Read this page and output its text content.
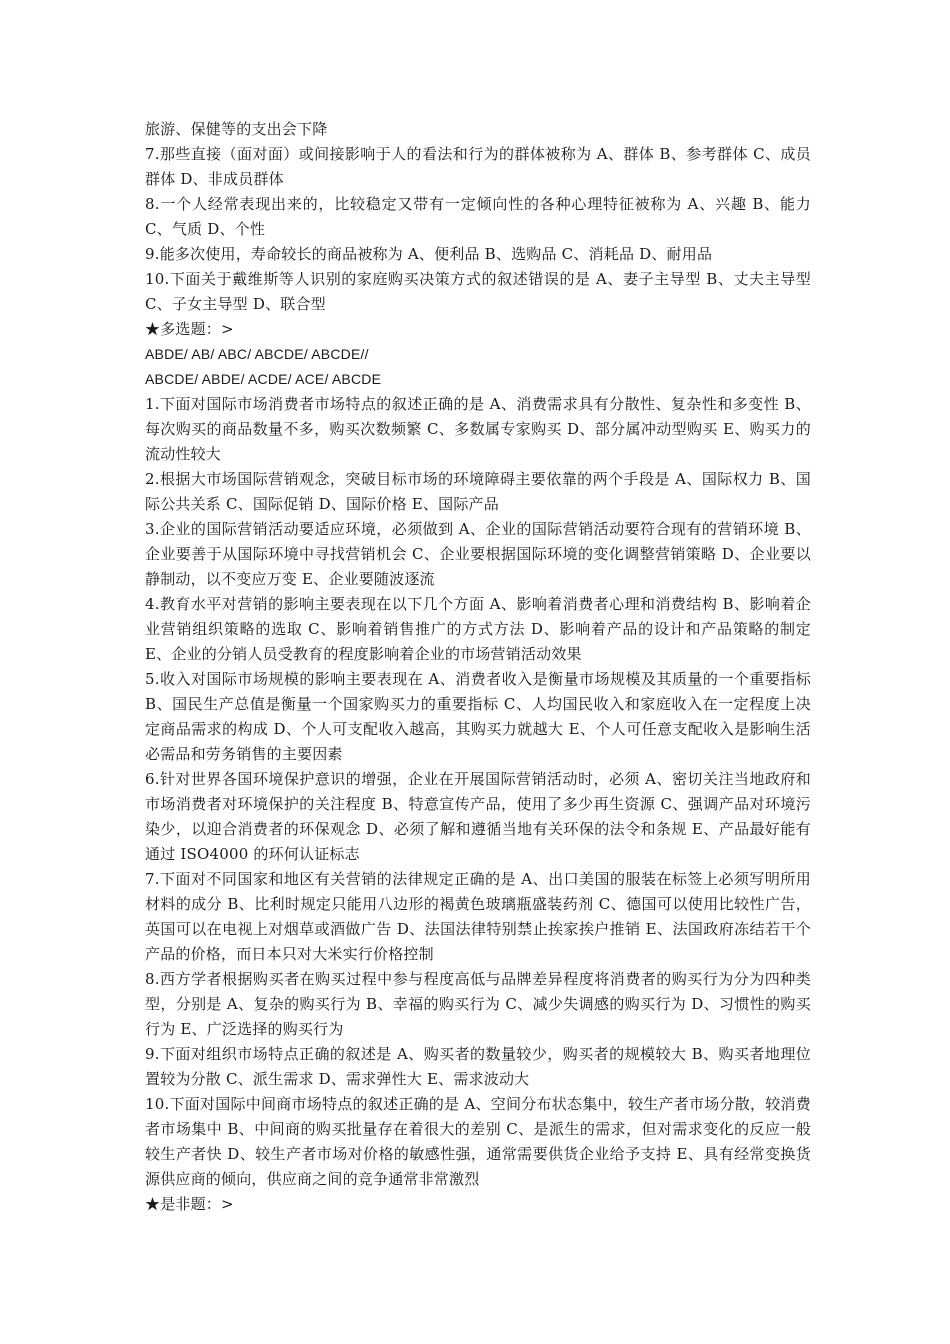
旅游、保健等的支出会下降

7.那些直接（面对面）或间接影响于人的看法和行为的群体被称为 A、群体 B、参考群体 C、成员群体 D、非成员群体

8.一个人经常表现出来的，比较稳定又带有一定倾向性的各种心理特征被称为 A、兴趣 B、能力 C、气质 D、个性

9.能多次使用，寿命较长的商品被称为 A、便利品 B、选购品 C、消耗品 D、耐用品

10.下面关于戴维斯等人识别的家庭购买决策方式的叙述错误的是 A、妻子主导型 B、丈夫主导型 C、子女主导型 D、联合型

★多选题：>

ABDE/ AB/ ABC/ ABCDE/ ABCDE//

ABCDE/ ABDE/ ACDE/ ACE/ ABCDE

1.下面对国际市场消费者市场特点的叙述正确的是 A、消费需求具有分散性、复杂性和多变性 B、每次购买的商品数量不多，购买次数频繁 C、多数属专家购买 D、部分属冲动型购买 E、购买力的流动性较大

2.根据大市场国际营销观念，突破目标市场的环境障碍主要依靠的两个手段是 A、国际权力 B、国际公共关系 C、国际促销 D、国际价格 E、国际产品

3.企业的国际营销活动要适应环境，必须做到 A、企业的国际营销活动要符合现有的营销环境 B、企业要善于从国际环境中寻找营销机会 C、企业要根据国际环境的变化调整营销策略 D、企业要以静制动，以不变应万变 E、企业要随波逐流

4.教育水平对营销的影响主要表现在以下几个方面 A、影响着消费者心理和消费结构 B、影响着企业营销组织策略的选取 C、影响着销售推广的方式方法 D、影响着产品的设计和产品策略的制定 E、企业的分销人员受教育的程度影响着企业的市场营销活动效果

5.收入对国际市场规模的影响主要表现在 A、消费者收入是衡量市场规模及其质量的一个重要指标 B、国民生产总值是衡量一个国家购买力的重要指标 C、人均国民收入和家庭收入在一定程度上决定商品需求的构成 D、个人可支配收入越高，其购买力就越大 E、个人可任意支配收入是影响生活必需品和劳务销售的主要因素

6.针对世界各国环境保护意识的增强，企业在开展国际营销活动时，必须 A、密切关注当地政府和市场消费者对环境保护的关注程度 B、特意宣传产品，使用了多少再生资源 C、强调产品对环境污染少，以迎合消费者的环保观念 D、必须了解和遵循当地有关环保的法令和条规 E、产品最好能有通过 ISO4000 的环何认证标志

7.下面对不同国家和地区有关营销的法律规定正确的是 A、出口美国的服装在标签上必须写明所用材料的成分 B、比利时规定只能用八边形的褐黄色玻璃瓶盛装药剂 C、德国可以使用比较性广告，英国可以在电视上对烟草或酒做广告 D、法国法律特别禁止挨家挨户推销 E、法国政府冻结若干个产品的价格，而日本只对大米实行价格控制

8.西方学者根据购买者在购买过程中参与程度高低与品牌差异程度将消费者的购买行为分为四种类型，分别是 A、复杂的购买行为 B、幸福的购买行为 C、减少失调感的购买行为 D、习惯性的购买行为 E、广泛选择的购买行为

9.下面对组织市场特点正确的叙述是 A、购买者的数量较少，购买者的规模较大 B、购买者地理位置较为分散 C、派生需求 D、需求弹性大 E、需求波动大

10.下面对国际中间商市场特点的叙述正确的是 A、空间分布状态集中，较生产者市场分散，较消费者市场集中 B、中间商的购买批量存在着很大的差别 C、是派生的需求，但对需求变化的反应一般较生产者快 D、较生产者市场对价格的敏感性强，通常需要供货企业给予支持 E、具有经常变换货源供应商的倾向，供应商之间的竞争通常非常激烈

★是非题：>
